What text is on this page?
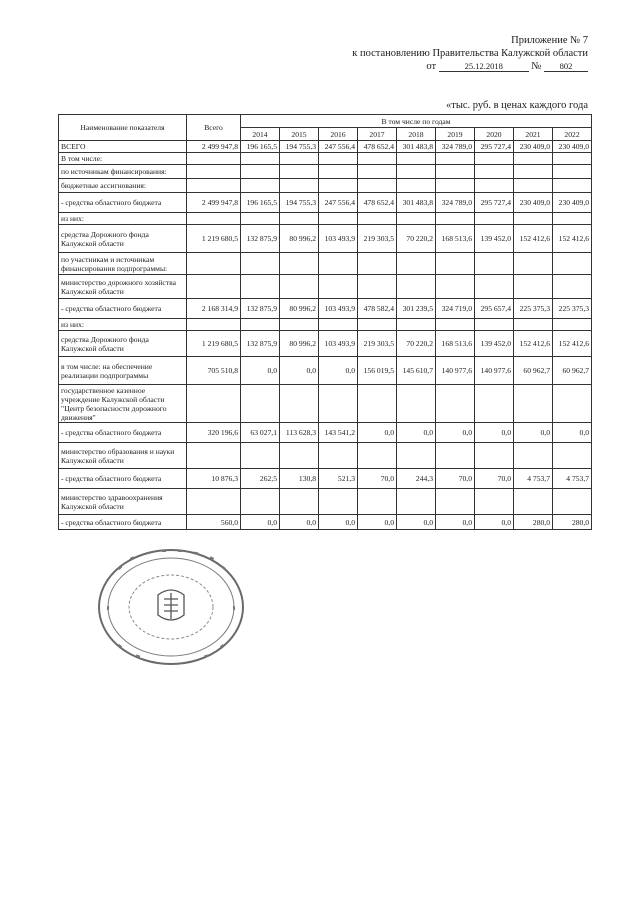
Приложение № 7
к постановлению Правительства Калужской области
от	25.12.2018	№ 802
«тыс. руб. в ценах каждого года
Наименование показателя	Всего	В том числе по годам								
		2014	2015	2016	2017	2018	2019	2020	2021	2022
ВСЕГО	2 499 947,8	196 165,5	194 755,3	247 556,4	478 652,4	301 483,8	324 789,0	295 727,4	230 409,0	230 409,0
В том числе:										
по источникам финансирования:										
бюджетные ассигнования:										
- средства областного бюджета	2 499 947,8	196 165,5	194 755,3	247 556,4	478 652,4	301 483,8	324 789,0	295 727,4	230 409,0	230 409,0
из них:										
средства Дорожного фонда Калужской области	1 219 680,5	132 875,9	80 996,2	103 493,9	219 303,5	70 220,2	168 513,6	139 452,0	152 412,6	152 412,6
по участникам и источникам финансирования подпрограммы:										
министерство дорожного хозяйства Калужской области										
- средства областного бюджета	2 168 314,9	132 875,9	80 996,2	103 493,9	478 582,4	301 239,5	324 719,0	295 657,4	225 375,3	225 375,3
из них:										
средства Дорожного фонда Калужской области	1 219 680,5	132 875,9	80 996,2	103 493,9	219 303,5	70 220,2	168 513,6	139 452,0	152 412,6	152 412,6
в том числе: на обеспечение реализации подпрограммы	705 510,8	0,0	0,0	0,0	156 019,5	145 610,7	140 977,6	140 977,6	60 962,7	60 962,7
государственное казенное учреждение Калужской области "Центр безопасности дорожного движения"										
- средства областного бюджета	320 196,6	63 027,1	113 628,3	143 541,2	0,0	0,0	0,0	0,0	0,0	0,0
министерство образования и науки Калужской области										
- средства областного бюджета	10 876,3	262,5	130,8	521,3	70,0	244,3	70,0	70,0	4 753,7	4 753,7
министерство здравоохранения Калужской области										
- средства областного бюджета	560,0	0,0	0,0	0,0	0,0	0,0	0,0	0,0	280,0	280,0
